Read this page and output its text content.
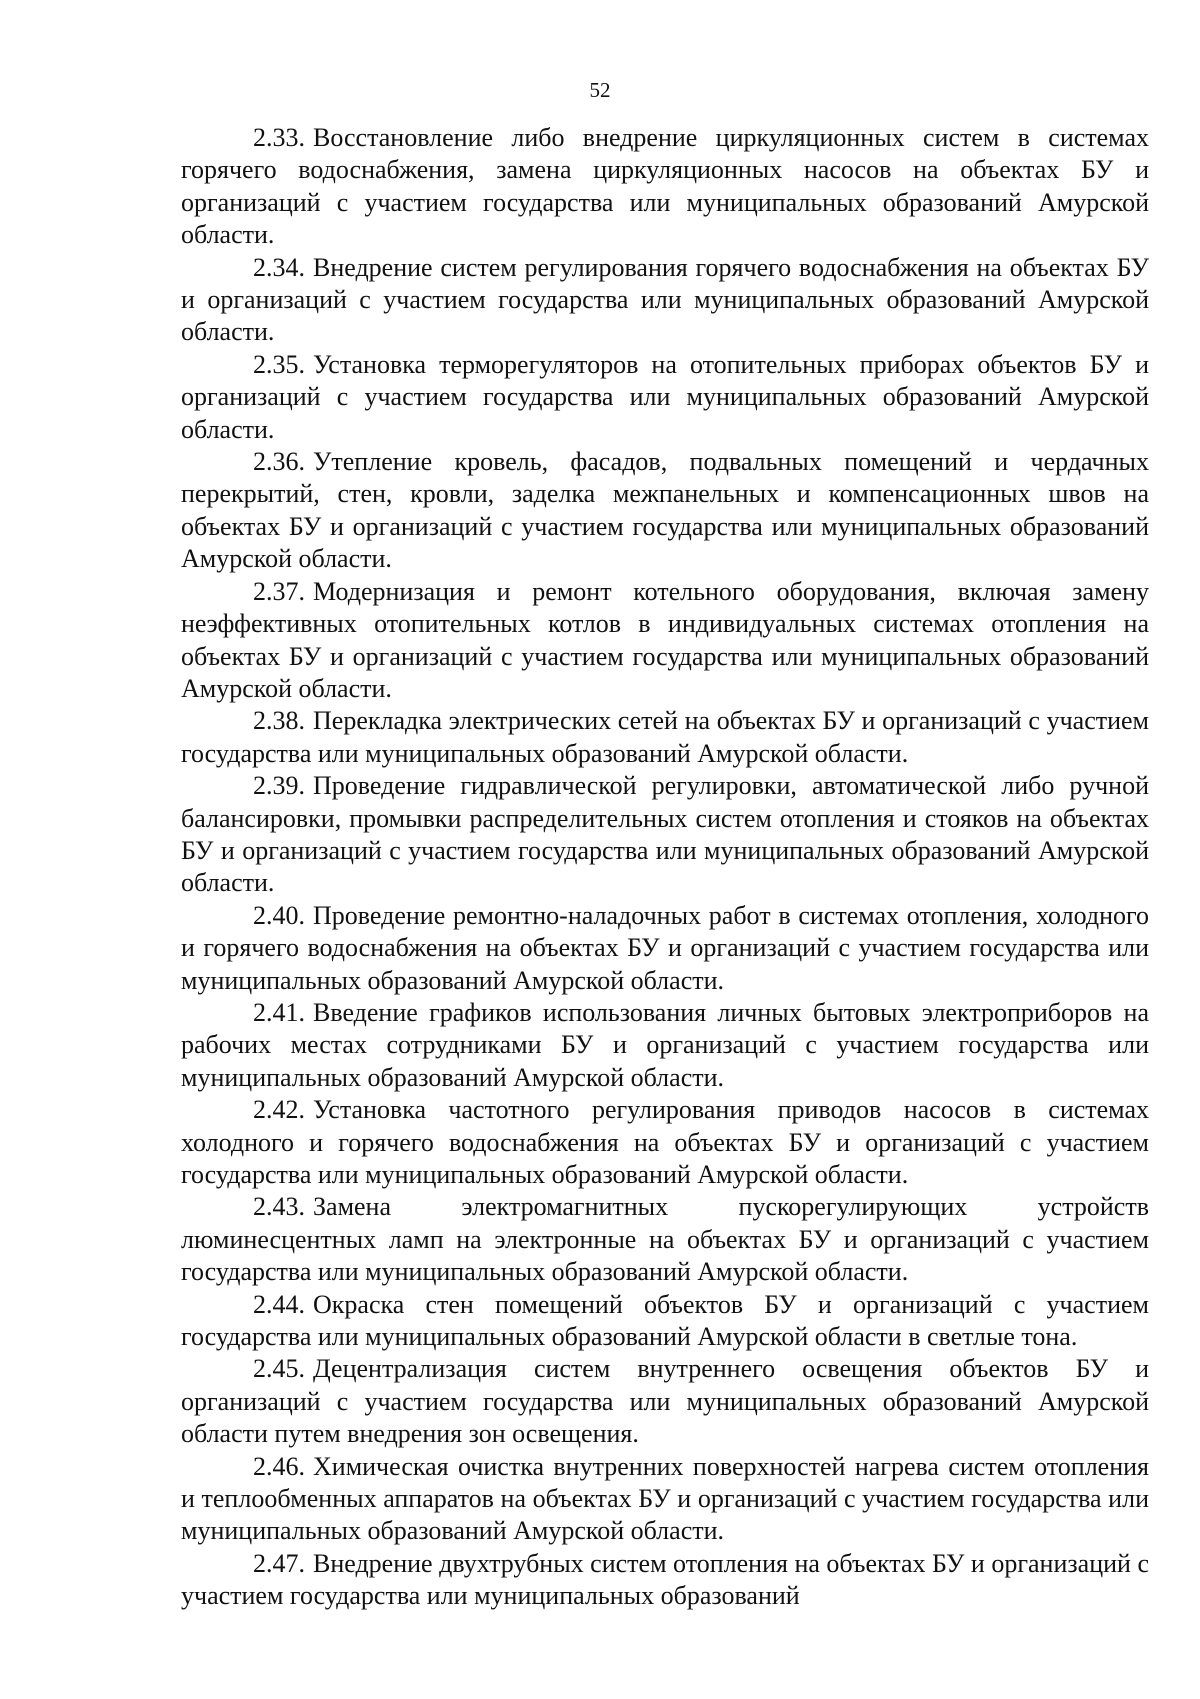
52

2.33. Восстановление либо внедрение циркуляционных систем в системах горячего водоснабжения, замена циркуляционных насосов на объектах БУ и организаций с участием государства или муниципальных образований Амурской области.

2.34. Внедрение систем регулирования горячего водоснабжения на объектах БУ и организаций с участием государства или муниципальных образований Амурской области.

2.35. Установка терморегуляторов на отопительных приборах объектов БУ и организаций с участием государства или муниципальных образований Амурской области.

2.36. Утепление кровель, фасадов, подвальных помещений и чердачных перекрытий, стен, кровли, заделка межпанельных и компенсационных швов на объектах БУ и организаций с участием государства или муниципальных образований Амурской области.

2.37. Модернизация и ремонт котельного оборудования, включая замену неэффективных отопительных котлов в индивидуальных системах отопления на объектах БУ и организаций с участием государства или муниципальных образований Амурской области.

2.38. Перекладка электрических сетей на объектах БУ и организаций с участием государства или муниципальных образований Амурской области.

2.39. Проведение гидравлической регулировки, автоматической либо ручной балансировки, промывки распределительных систем отопления и стояков на объектах БУ и организаций с участием государства или муниципальных образований Амурской области.

2.40. Проведение ремонтно-наладочных работ в системах отопления, холодного и горячего водоснабжения на объектах БУ и организаций с участием государства или муниципальных образований Амурской области.

2.41. Введение графиков использования личных бытовых электроприборов на рабочих местах сотрудниками БУ и организаций с участием государства или муниципальных образований Амурской области.

2.42. Установка частотного регулирования приводов насосов в системах холодного и горячего водоснабжения на объектах БУ и организаций с участием государства или муниципальных образований Амурской области.

2.43. Замена электромагнитных пускорегулирующих устройств люминесцентных ламп на электронные на объектах БУ и организаций с участием государства или муниципальных образований Амурской области.

2.44. Окраска стен помещений объектов БУ и организаций с участием государства или муниципальных образований Амурской области в светлые тона.

2.45. Децентрализация систем внутреннего освещения объектов БУ и организаций с участием государства или муниципальных образований Амурской области путем внедрения зон освещения.

2.46. Химическая очистка внутренних поверхностей нагрева систем отопления и теплообменных аппаратов на объектах БУ и организаций с участием государства или муниципальных образований Амурской области.

2.47. Внедрение двухтрубных систем отопления на объектах БУ и организаций с участием государства или муниципальных образований
